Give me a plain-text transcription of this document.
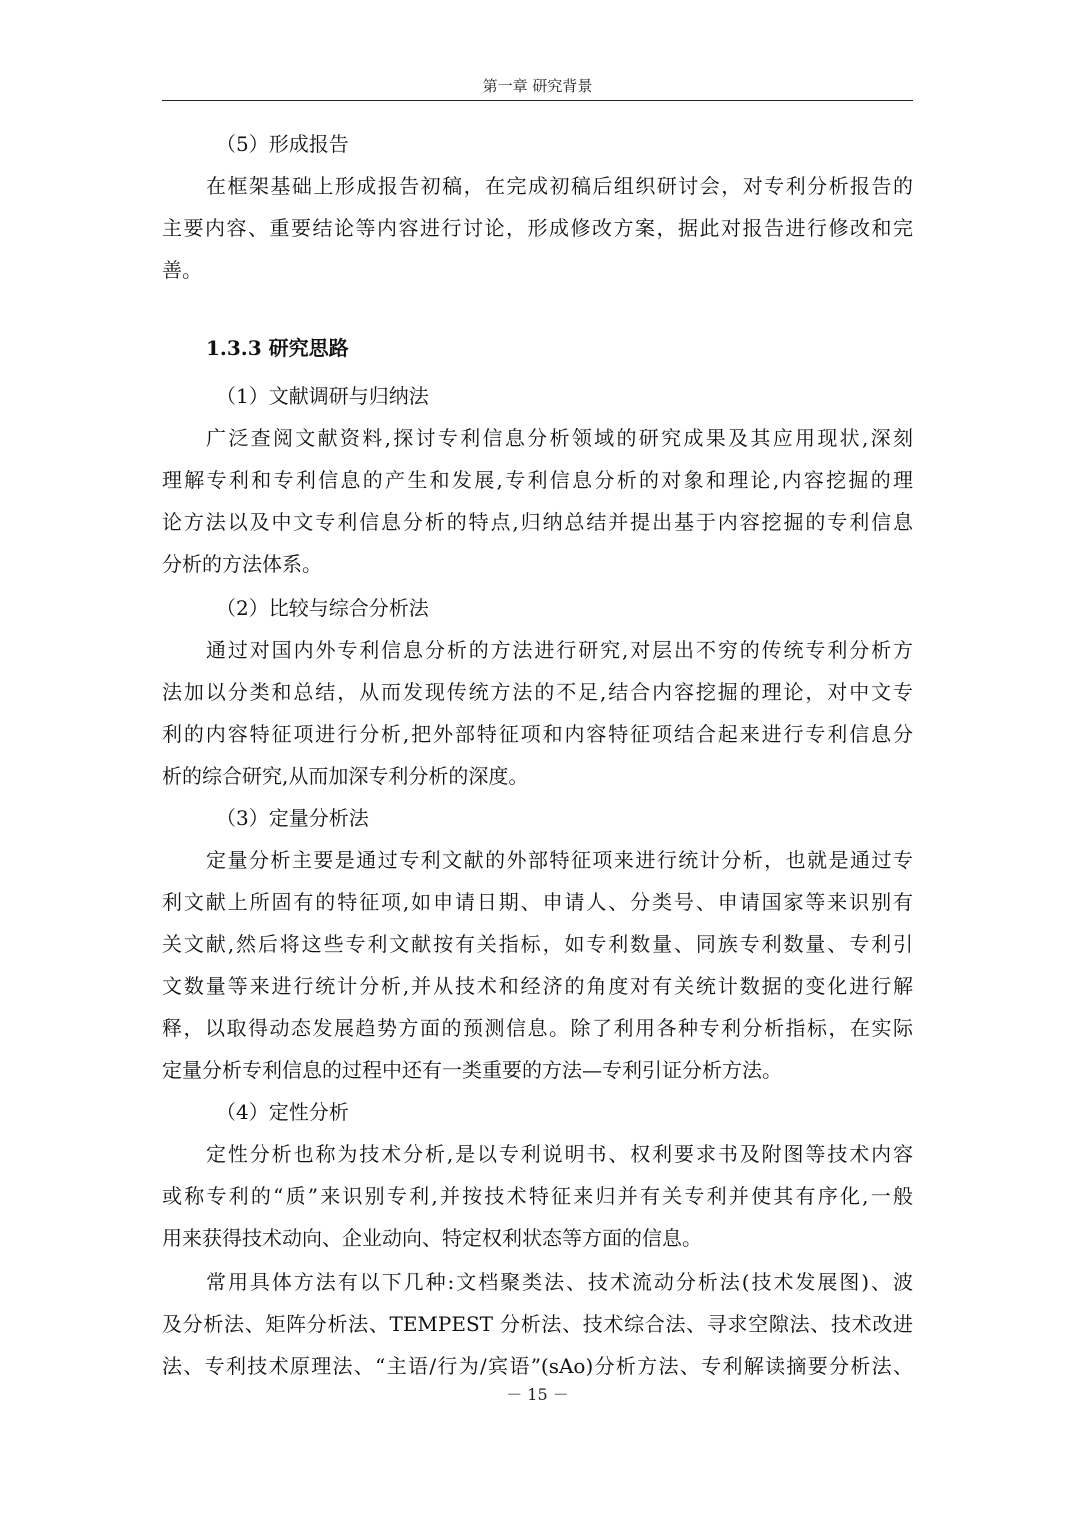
第一章 研究背景
（5）形成报告
在框架基础上形成报告初稿，在完成初稿后组织研讨会，对专利分析报告的
主要内容、重要结论等内容进行讨论，形成修改方案，据此对报告进行修改和完
善。
1.3.3 研究思路
（1）文献调研与归纳法
广泛查阅文献资料,探讨专利信息分析领域的研究成果及其应用现状,深刻
理解专利和专利信息的产生和发展,专利信息分析的对象和理论,内容挖掘的理
论方法以及中文专利信息分析的特点,归纳总结并提出基于内容挖掘的专利信息
分析的方法体系。
（2）比较与综合分析法
通过对国内外专利信息分析的方法进行研究,对层出不穷的传统专利分析方
法加以分类和总结，从而发现传统方法的不足,结合内容挖掘的理论，对中文专
利的内容特征项进行分析,把外部特征项和内容特征项结合起来进行专利信息分
析的综合研究,从而加深专利分析的深度。
（3）定量分析法
定量分析主要是通过专利文献的外部特征项来进行统计分析，也就是通过专
利文献上所固有的特征项,如申请日期、申请人、分类号、申请国家等来识别有
关文献,然后将这些专利文献按有关指标，如专利数量、同族专利数量、专利引
文数量等来进行统计分析,并从技术和经济的角度对有关统计数据的变化进行解
释，以取得动态发展趋势方面的预测信息。除了利用各种专利分析指标，在实际
定量分析专利信息的过程中还有一类重要的方法—专利引证分析方法。
（4）定性分析
定性分析也称为技术分析,是以专利说明书、权利要求书及附图等技术内容
或称专利的“质”来识别专利,并按技术特征来归并有关专利并使其有序化,一般
用来获得技术动向、企业动向、特定权利状态等方面的信息。
常用具体方法有以下几种:文档聚类法、技术流动分析法(技术发展图)、波
及分析法、矩阵分析法、TEMPEST 分析法、技术综合法、寻求空隙法、技术改进
法、专利技术原理法、“主语/行为/宾语”(sAo)分析方法、专利解读摘要分析法、
－ 15 －
